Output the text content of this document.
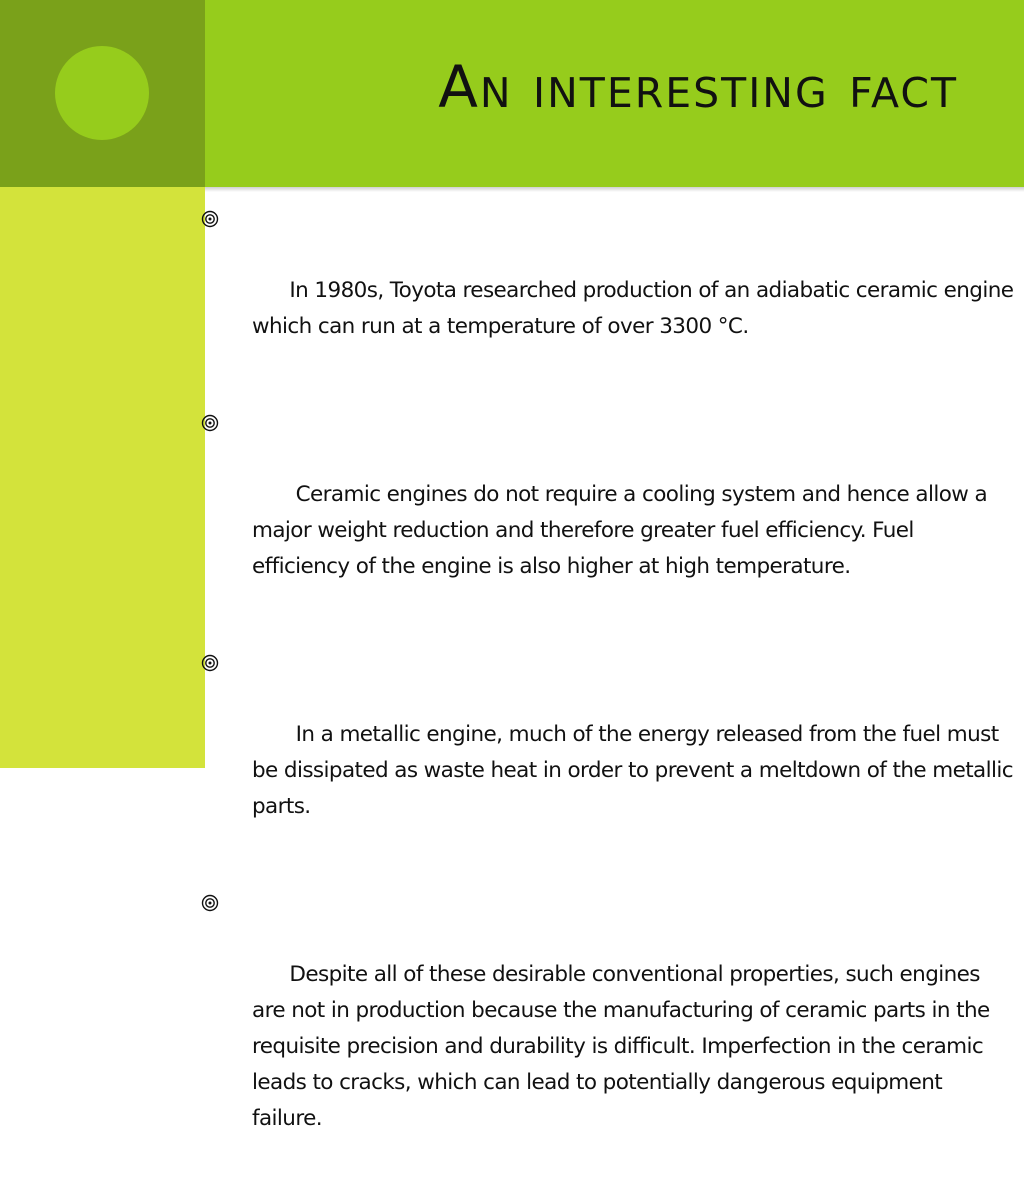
An interesting fact

In 1980s, Toyota researched production of an adiabatic ceramic engine which can run at a temperature of over 3300 °C.

Ceramic engines do not require a cooling system and hence allow a major weight reduction and therefore greater fuel efficiency. Fuel efficiency of the engine is also higher at high temperature.

In a metallic engine, much of the energy released from the fuel must be dissipated as waste heat in order to prevent a meltdown of the metallic parts.

Despite all of these desirable conventional properties, such engines are not in production because the manufacturing of ceramic parts in the requisite precision and durability is difficult. Imperfection in the ceramic leads to cracks, which can lead to potentially dangerous equipment failure.
